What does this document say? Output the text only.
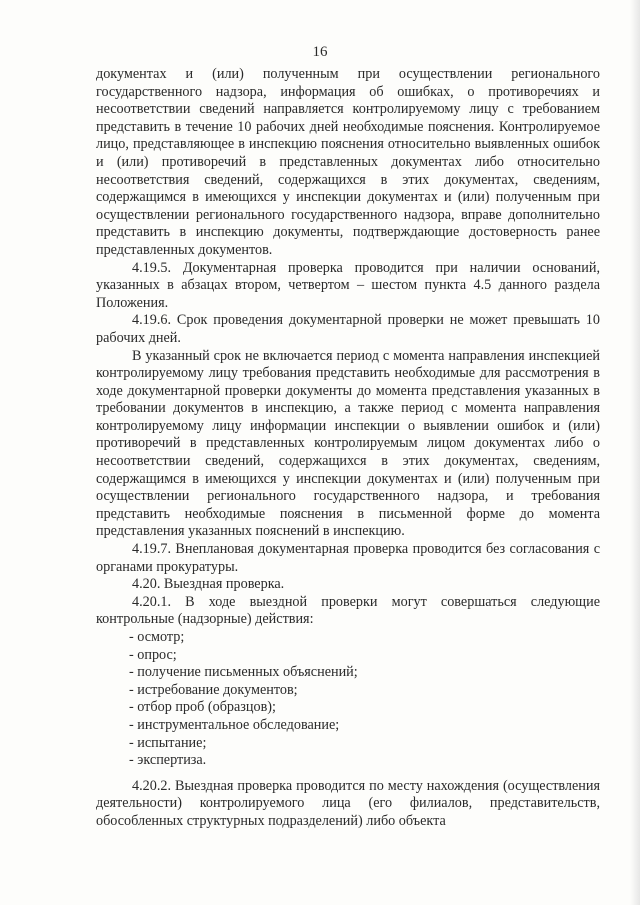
16

документах и (или) полученным при осуществлении регионального государственного надзора, информация об ошибках, о противоречиях и несоответствии сведений направляется контролируемому лицу с требованием представить в течение 10 рабочих дней необходимые пояснения. Контролируемое лицо, представляющее в инспекцию пояснения относительно выявленных ошибок и (или) противоречий в представленных документах либо относительно несоответствия сведений, содержащихся в этих документах, сведениям, содержащимся в имеющихся у инспекции документах и (или) полученным при осуществлении регионального государственного надзора, вправе дополнительно представить в инспекцию документы, подтверждающие достоверность ранее представленных документов.

4.19.5. Документарная проверка проводится при наличии оснований, указанных в абзацах втором, четвертом – шестом пункта 4.5 данного раздела Положения.

4.19.6. Срок проведения документарной проверки не может превышать 10 рабочих дней.

В указанный срок не включается период с момента направления инспекцией контролируемому лицу требования представить необходимые для рассмотрения в ходе документарной проверки документы до момента представления указанных в требовании документов в инспекцию, а также период с момента направления контролируемому лицу информации инспекции о выявлении ошибок и (или) противоречий в представленных контролируемым лицом документах либо о несоответствии сведений, содержащихся в этих документах, сведениям, содержащимся в имеющихся у инспекции документах и (или) полученным при осуществлении регионального государственного надзора, и требования представить необходимые пояснения в письменной форме до момента представления указанных пояснений в инспекцию.

4.19.7. Внеплановая документарная проверка проводится без согласования с органами прокуратуры.

4.20. Выездная проверка.

4.20.1. В ходе выездной проверки могут совершаться следующие контрольные (надзорные) действия:

- осмотр;

- опрос;

- получение письменных объяснений;

- истребование документов;

- отбор проб (образцов);

- инструментальное обследование;

- испытание;

- экспертиза.

4.20.2. Выездная проверка проводится по месту нахождения (осуществления деятельности) контролируемого лица (его филиалов, представительств, обособленных структурных подразделений) либо объекта
